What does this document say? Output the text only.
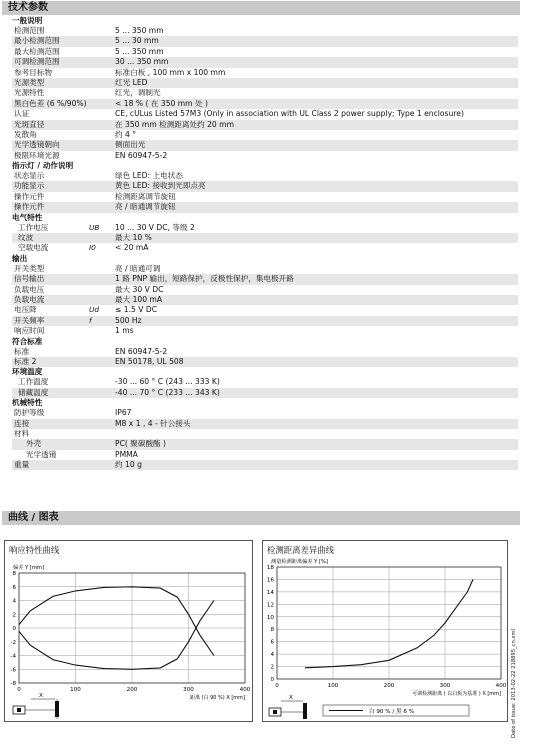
技术参数
一般说明
检测范围	5 ... 350 mm
最小检测范围	5 ... 30 mm
最大检测范围	5 ... 350 mm
可调检测范围	30 ... 350 mm
参考目标物	标准白板 , 100 mm x 100 mm
光源类型	红光 LED
光源特性	红光，调制光
黑白色差 (6 %/90%)	< 18 % ( 在 350 mm 处 )
认证	CE, cULus Listed 57M3 (Only in association with UL Class 2 power supply; Type 1 enclosure)
光斑直径	在 350 mm 检测距离处约 20 mm
发散角	约 4 °
光学透镜朝向	侧面出光
极限环境光源	EN 60947-5-2
指示灯 / 动作说明
状态显示	绿色 LED: 上电状态
功能显示	黄色 LED: 接收到光即点亮
操作元件	检测距离调节旋钮
操作元件	亮 / 暗通调节旋钮
电气特性
工作电压	UB 10 ... 30 V DC, 等级 2
纹波	最大 10 %
空载电流	I0	< 20 mA
输出
开关类型	亮 / 暗通可调
信号输出	1 路 PNP 输出，短路保护，反极性保护，集电极开路
负载电压	最大 30 V DC
负载电流	最大 100 mA
电压降	Ud ≤ 1.5 V DC
开关频率	f	500 Hz
响应时间	1 ms
符合标准
标准	EN 60947-5-2
标准 2	EN 50178, UL 508
环境温度
工作温度	-30 ... 60 ° C (243 ... 333 K)
储藏温度	-40 ... 70 ° C (233 ... 343 K)
机械特性
防护等级	IP67
连接	M8 x 1 , 4 - 针公接头
材料
外壳	PC( 聚碳酸酯 )
光学透镜	PMMA
重量	约 10 g
曲线 / 图表
响应特性曲线
偏差 Y [mm]
8
6
4
2
0
-2
-4
-6
-8
0	100	200	300	400
距离 (白 90 %) X [mm]
X
检测距离差异曲线
测量检测距离偏差 Y [%]
18
16
14
12
10
8
6
4
2
0
0	100	200	300	400
可调检测距离 ( 以白板为基准 ) X [mm]
X
白 90 % / 黑 6 %	Date of issue: 2013-02-22 218895_cn.xml
